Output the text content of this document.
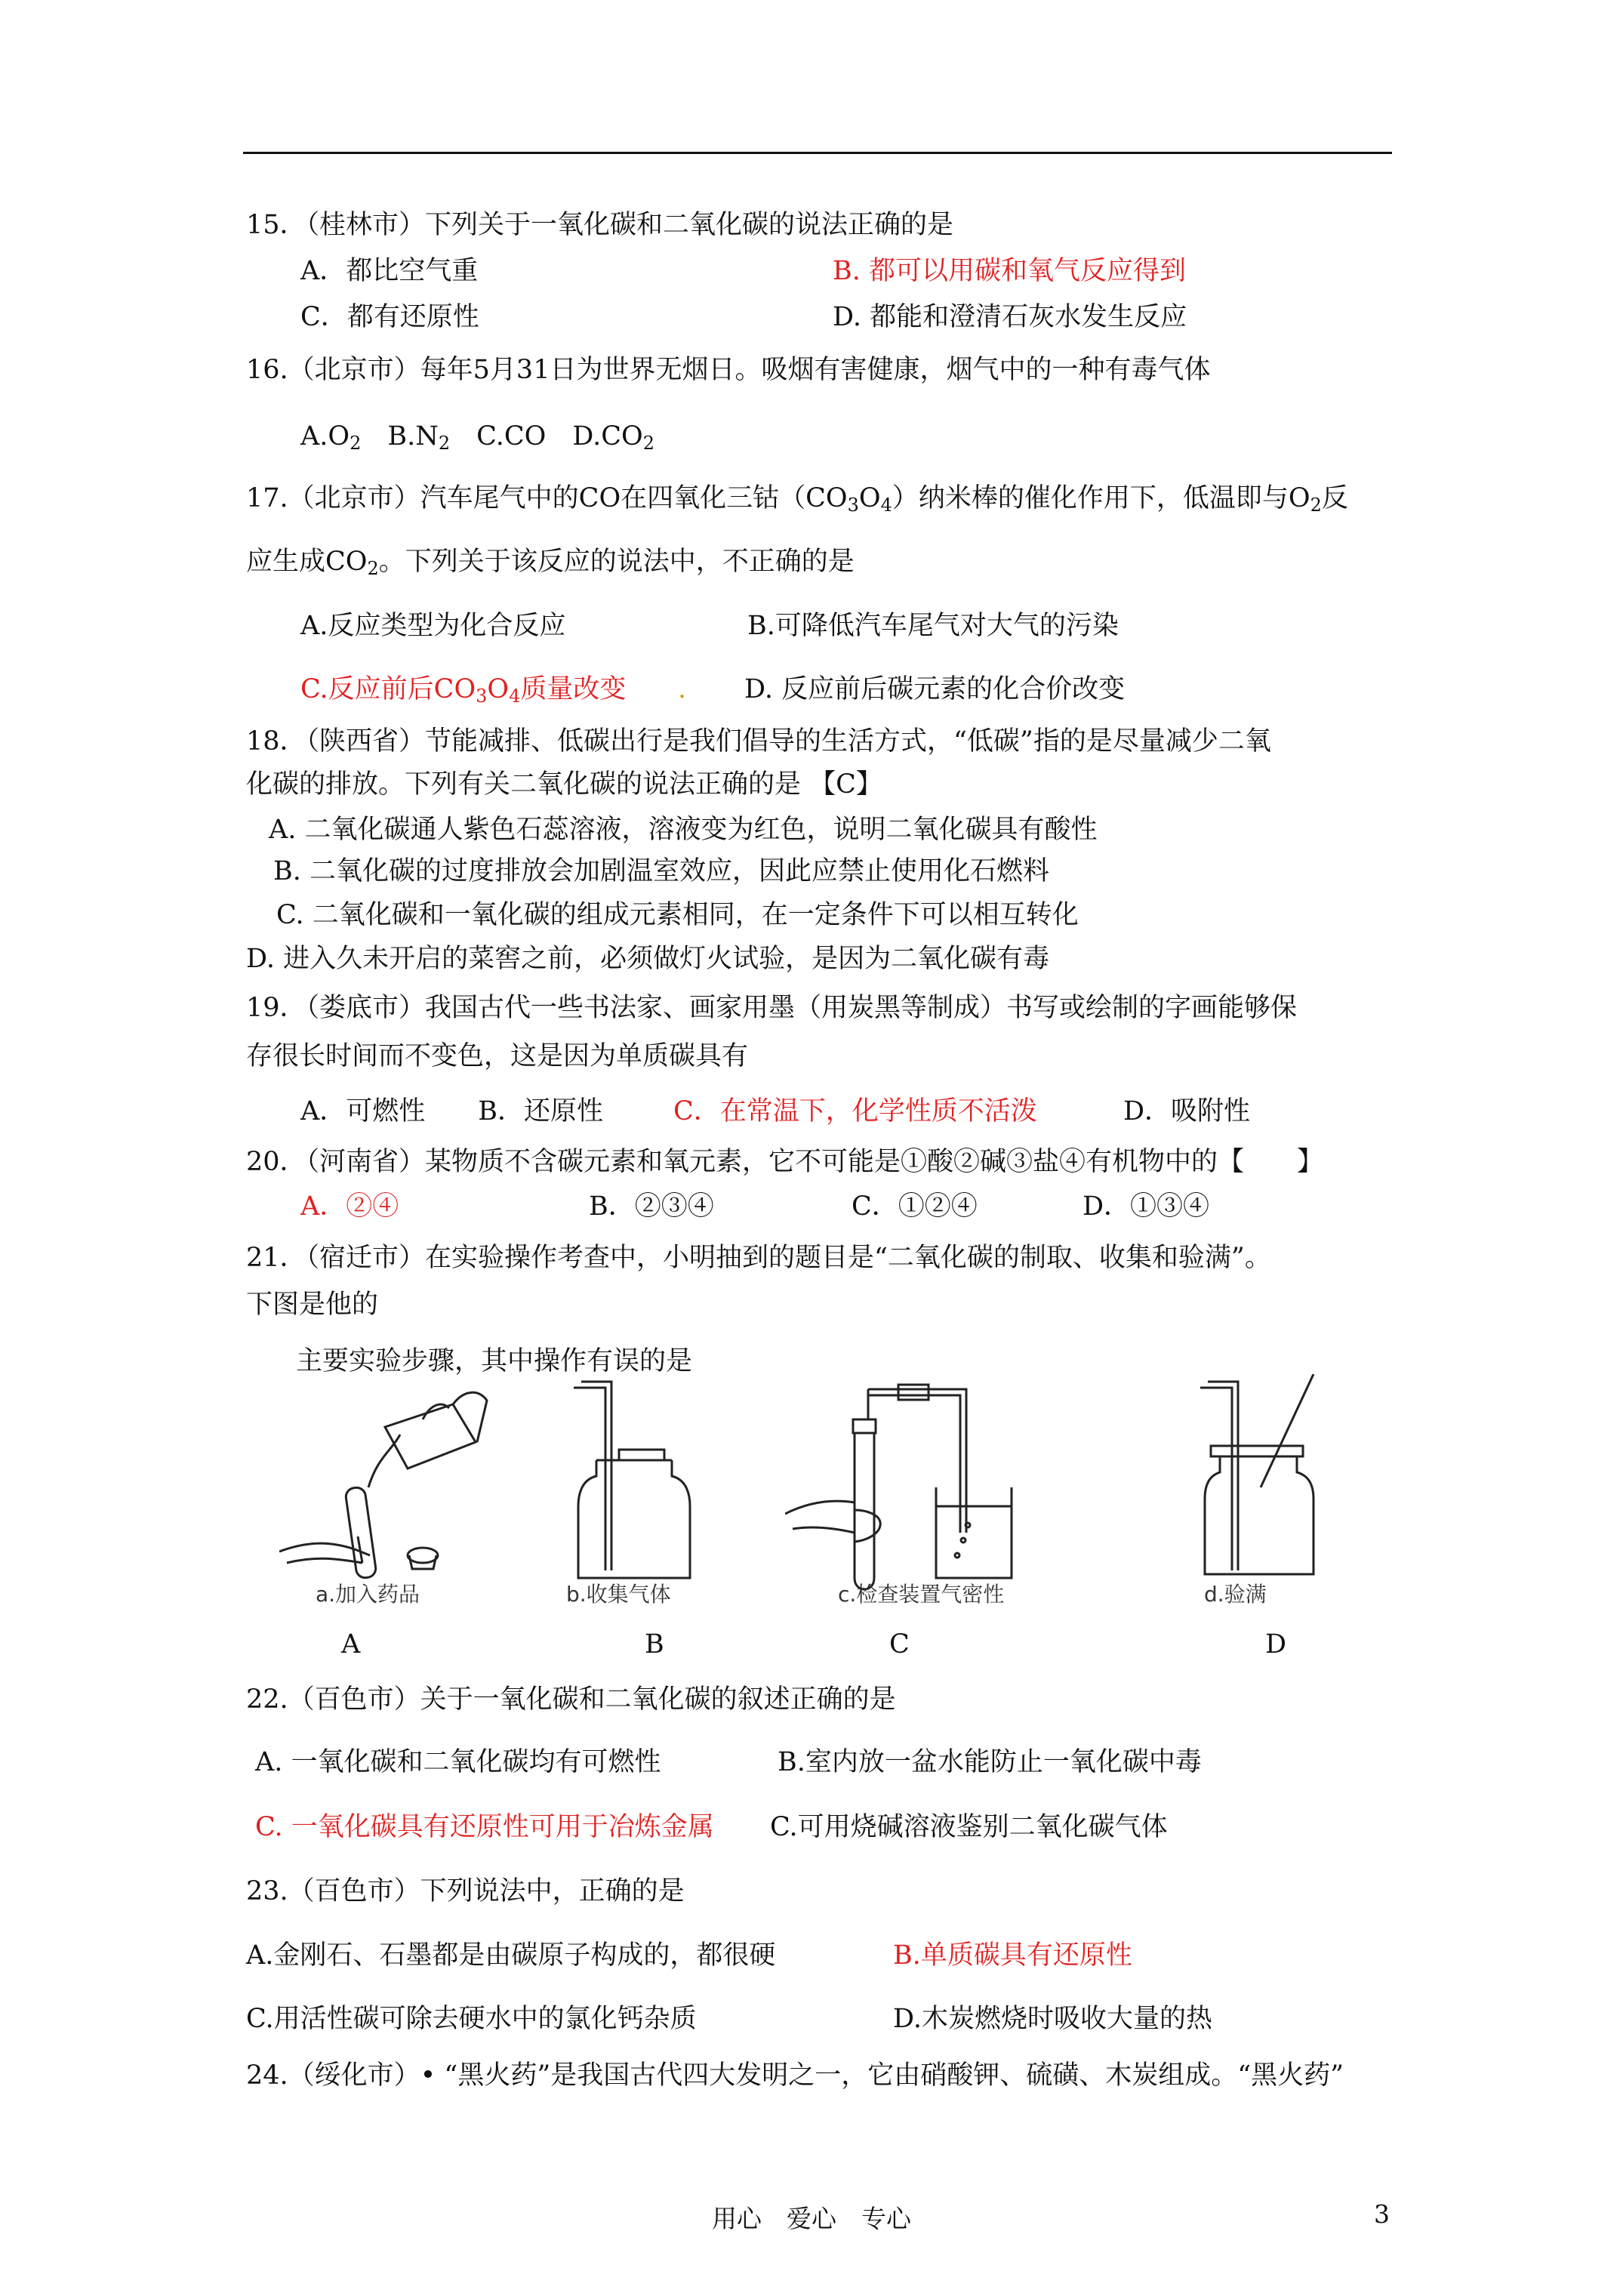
15．（桂林市）下列关于一氧化碳和二氧化碳的说法正确的是
A．都比空气重	B. 都可以用碳和氧气反应得到
C．都有还原性	D. 都能和澄清石灰水发生反应
16.（北京市）每年5月31日为世界无烟日。吸烟有害健康，烟气中的一种有毒气体
$A.O_2$　$B.N_2$　C.CO　$D.CO_2$
17.（北京市）汽车尾气中的CO在四氧化三钴$(CO_3O_4)$纳米棒的催化作用下，低温即与$O_2$反
应生成$CO_2$。下列关于该反应的说法中，不正确的是
A.反应类型为化合反应	B.可降低汽车尾气对大气的污染
C.反应前后$CO_3O_4$质量改变 . D. 反应前后碳元素的化合价改变
18．（陕西省）节能减排、低碳出行是我们倡导的生活方式，“低碳”指的是尽量减少二氧
化碳的排放。下列有关二氧化碳的说法正确的是 【C】
A. 二氧化碳通人紫色石蕊溶液，溶液变为红色，说明二氧化碳具有酸性
B. 二氧化碳的过度排放会加剧温室效应，因此应禁止使用化石燃料
C. 二氧化碳和一氧化碳的组成元素相同，在一定条件下可以相互转化
D. 进入久未开启的菜窖之前，必须做灯火试验，是因为二氧化碳有毒
19．（娄底市）我国古代一些书法家、画家用墨（用炭黑等制成）书写或绘制的字画能够保
存很长时间而不变色，这是因为单质碳具有
A．可燃性　　B．还原性	C．在常温下，化学性质不活泼	D．吸附性
20．（河南省）某物质不含碳元素和氧元素，它不可能是①酸②碱③盐④有机物中的【　　】
A．②④	B．②③④	C．①②④	D．①③④
21．（宿迁市）在实验操作考查中，小明抽到的题目是“二氧化碳的制取、收集和验满”。
下图是他的
主要实验步骤，其中操作有误的是
a.加入药品	b.收集气体	c.检查装置气密性	d.验满
A	B	C	D
22.（百色市）关于一氧化碳和二氧化碳的叙述正确的是
A. 一氧化碳和二氧化碳均有可燃性	B.室内放一盆水能防止一氧化碳中毒
C. 一氧化碳具有还原性可用于冶炼金属 C.可用烧碱溶液鉴别二氧化碳气体
23.（百色市）下列说法中，正确的是
A.金刚石、石墨都是由碳原子构成的，都很硬	B.单质碳具有还原性
C.用活性碳可除去硬水中的氯化钙杂质	D.木炭燃烧时吸收大量的热
24.（绥化市）• “黑火药”是我国古代四大发明之一，它由硝酸钾、硫磺、木炭组成。“黑火药”
用心　爱心　专心	3
